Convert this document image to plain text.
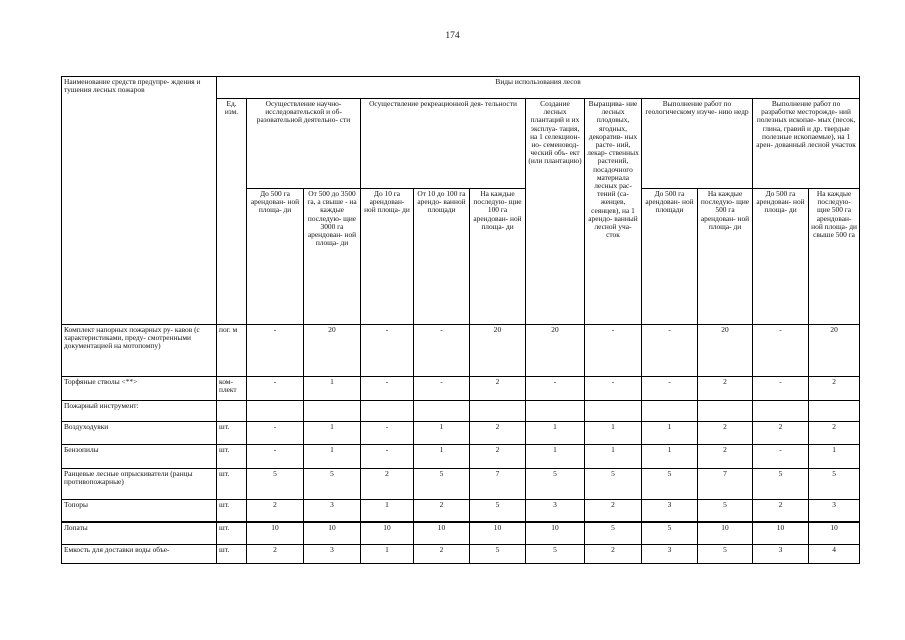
174
Наименование средств предупре- ждения и тушения лесных пожаров	Виды использования лесов											
	Ед. изм.	Осуществление научно- исследовательской и об- разовательной деятельно- сти		Осуществление рекреационной дея- тельности			Создание лесных плантаций и их эксплуа- тация, на 1 селекцион- но- семеновод- ческий объ- ект (или плантацию)	Выращива- ние лесных плодовых, ягодных, декоратив- ных расте- ний, лекар- ственных растений, посадочного материала лесных рас- тений (са- женцев, сеянцев), на 1 арендо- ванный лесной уча- сток	Выполнение работ по геологическому изуче- нию недр		Выполнение работ по разработке месторожде- ний полезных ископае- мых (песок, глина, гравий и др. твердые полезные ископаемые), на 1 арен- дованный лесной участок	
		До 500 га арендован- ной площа- ди	От 500 до 3500 га, а свыше - на каждые последую- щие 3000 га арендован- ной площа- ди	До 10 га арендован- ной площа- ди	От 10 до 100 га арендо- ванной площади	На каждые последую- щие 100 га арендован- ной площа- ди			До 500 га арендован- ной площади	На каждые последую- щие 500 га арендован- ной площа- ди	До 500 га арендован- ной площа- ди	На каждые последую- щие 500 га арендован- ной площа- ди свыше 500 га
Комплект напорных пожарных ру- кавов (с характеристиками, преду- смотренными документацией на мотопомпу)	пог. м	-	20	-	-	20	20	-	-	20	-	20
Торфяные стволы <**>	ком- плект	-	1	-	-	2	-	-	-	2	-	2
Пожарный инструмент:												
Воздуходувки	шт.	-	1	-	1	2	1	1	1	2	2	2
Бензопилы	шт.	-	1	-	1	2	1	1	1	2	-	1
Ранцевые лесные опрыскиватели (ранцы противопожарные)	шт.	5	5	2	5	7	5	5	5	7	5	5
Топоры	шт.	2	3	1	2	5	3	2	3	5	2	3
Лопаты	шт.	10	10	10	10	10	10	5	5	10	10	10
Емкость для доставки воды объе-	шт.	2	3	1	2	5	5	2	3	5	3	4
